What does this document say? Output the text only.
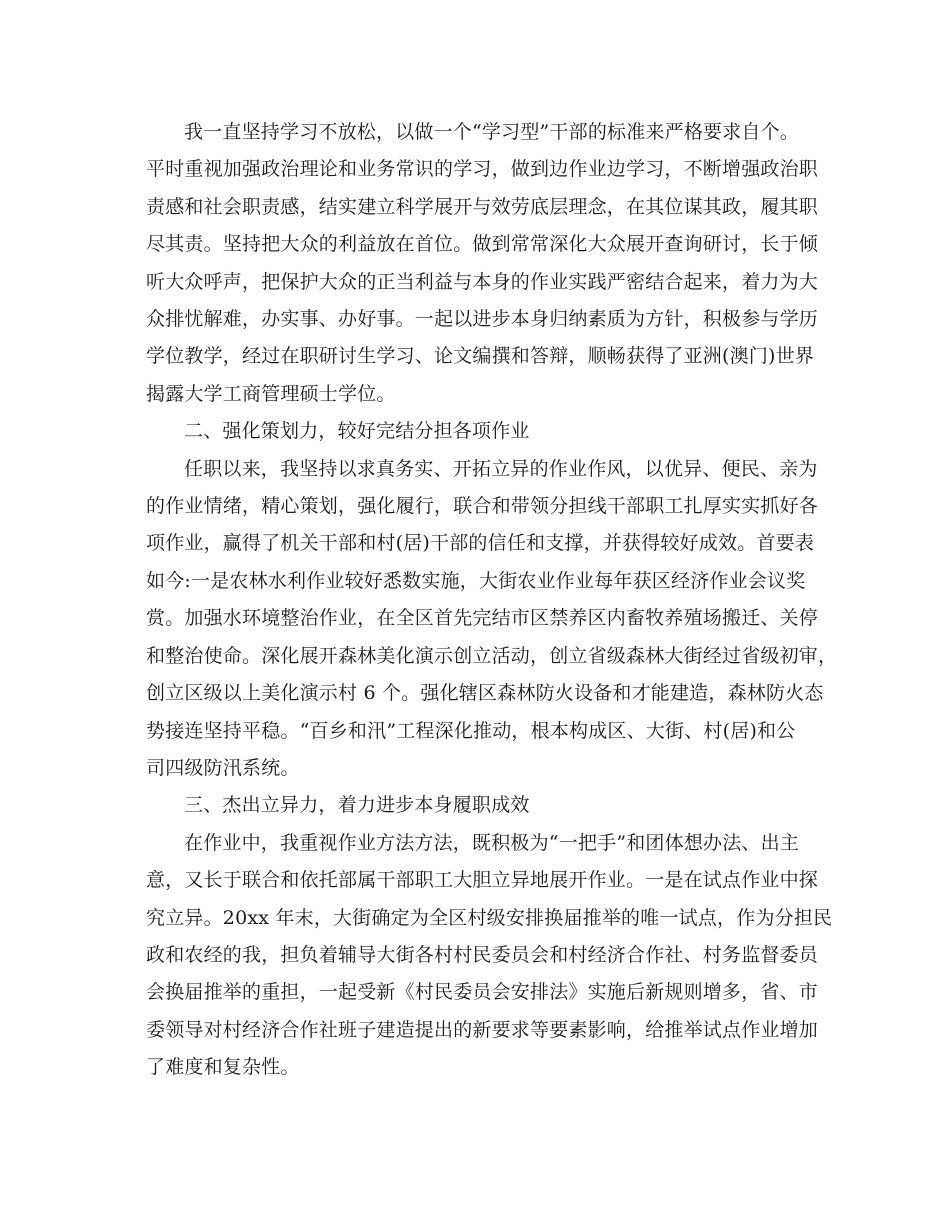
我一直坚持学习不放松，以做一个“学习型”干部的标准来严格要求自个。
平时重视加强政治理论和业务常识的学习，做到边作业边学习，不断增强政治职
责感和社会职责感，结实建立科学展开与效劳底层理念，在其位谋其政，履其职
尽其责。坚持把大众的利益放在首位。做到常常深化大众展开查询研讨，长于倾
听大众呼声，把保护大众的正当利益与本身的作业实践严密结合起来，着力为大
众排忧解难，办实事、办好事。一起以进步本身归纳素质为方针，积极参与学历
学位教学，经过在职研讨生学习、论文编撰和答辩，顺畅获得了亚洲(澳门)世界
揭露大学工商管理硕士学位。
二、强化策划力，较好完结分担各项作业
任职以来，我坚持以求真务实、开拓立异的作业作风，以优异、便民、亲为
的作业情绪，精心策划，强化履行，联合和带领分担线干部职工扎厚实实抓好各
项作业，赢得了机关干部和村(居)干部的信任和支撑，并获得较好成效。首要表
如今:一是农林水利作业较好悉数实施，大街农业作业每年获区经济作业会议奖
赏。加强水环境整治作业，在全区首先完结市区禁养区内畜牧养殖场搬迁、关停
和整治使命。深化展开森林美化演示创立活动，创立省级森林大街经过省级初审，
创立区级以上美化演示村 6 个。强化辖区森林防火设备和才能建造，森林防火态
势接连坚持平稳。“百乡和汛”工程深化推动，根本构成区、大街、村(居)和公
司四级防汛系统。
三、杰出立异力，着力进步本身履职成效
在作业中，我重视作业方法方法，既积极为“一把手”和团体想办法、出主
意，又长于联合和依托部属干部职工大胆立异地展开作业。一是在试点作业中探
究立异。20xx 年末，大街确定为全区村级安排换届推举的唯一试点，作为分担民
政和农经的我，担负着辅导大街各村村民委员会和村经济合作社、村务监督委员
会换届推举的重担，一起受新《村民委员会安排法》实施后新规则增多，省、市
委领导对村经济合作社班子建造提出的新要求等要素影响，给推举试点作业增加
了难度和复杂性。
